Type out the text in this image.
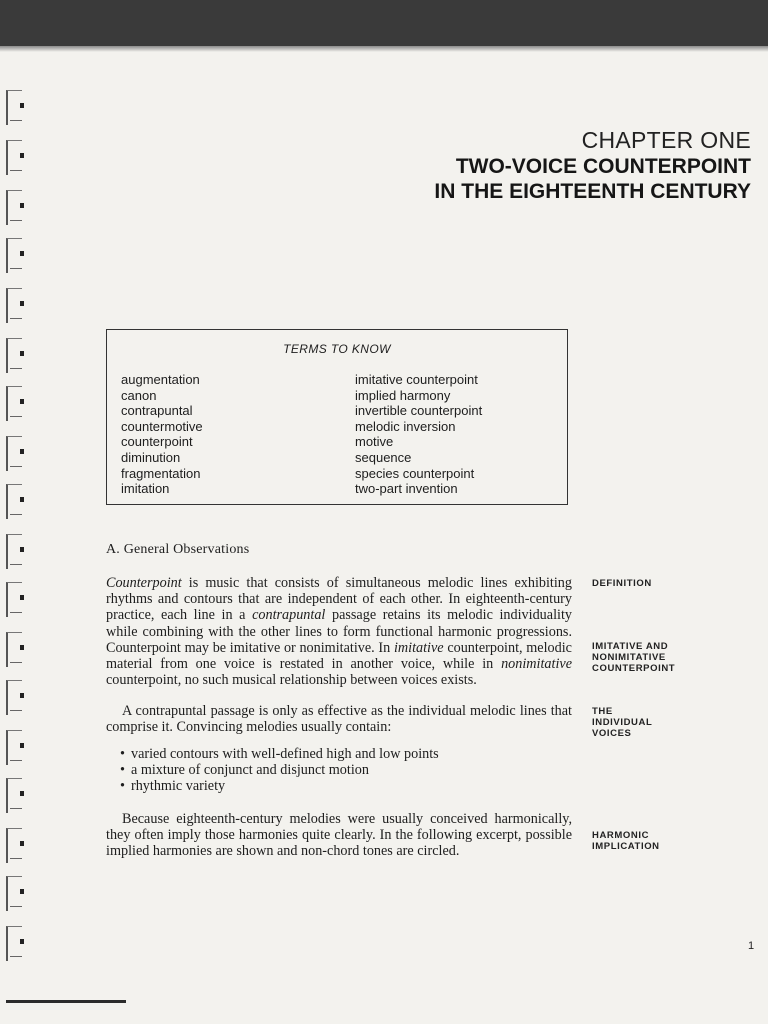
CHAPTER ONE
TWO-VOICE COUNTERPOINT
IN THE EIGHTEENTH CENTURY
TERMS TO KNOW
augmentation
canon
contrapuntal
countermotive
counterpoint
diminution
fragmentation
imitation
imitative counterpoint
implied harmony
invertible counterpoint
melodic inversion
motive
sequence
species counterpoint
two-part invention
A. General Observations

Counterpoint is music that consists of simultaneous melodic lines exhibiting rhythms and contours that are independent of each other. In eighteenth-century practice, each line in a contrapuntal passage retains its melodic individuality while combining with the other lines to form functional harmonic progressions. Counterpoint may be imitative or nonimitative. In imitative counterpoint, melodic material from one voice is restated in another voice, while in nonimitative counterpoint, no such musical relationship between voices exists.

A contrapuntal passage is only as effective as the individual melodic lines that comprise it. Convincing melodies usually contain:

• varied contours with well-defined high and low points
• a mixture of conjunct and disjunct motion
• rhythmic variety

Because eighteenth-century melodies were usually conceived harmonically, they often imply those harmonies quite clearly. In the following excerpt, possible implied harmonies are shown and non-chord tones are circled.

DEFINITION
IMITATIVE AND
NONIMITATIVE
COUNTERPOINT
THE
INDIVIDUAL
VOICES
HARMONIC
IMPLICATION
1
